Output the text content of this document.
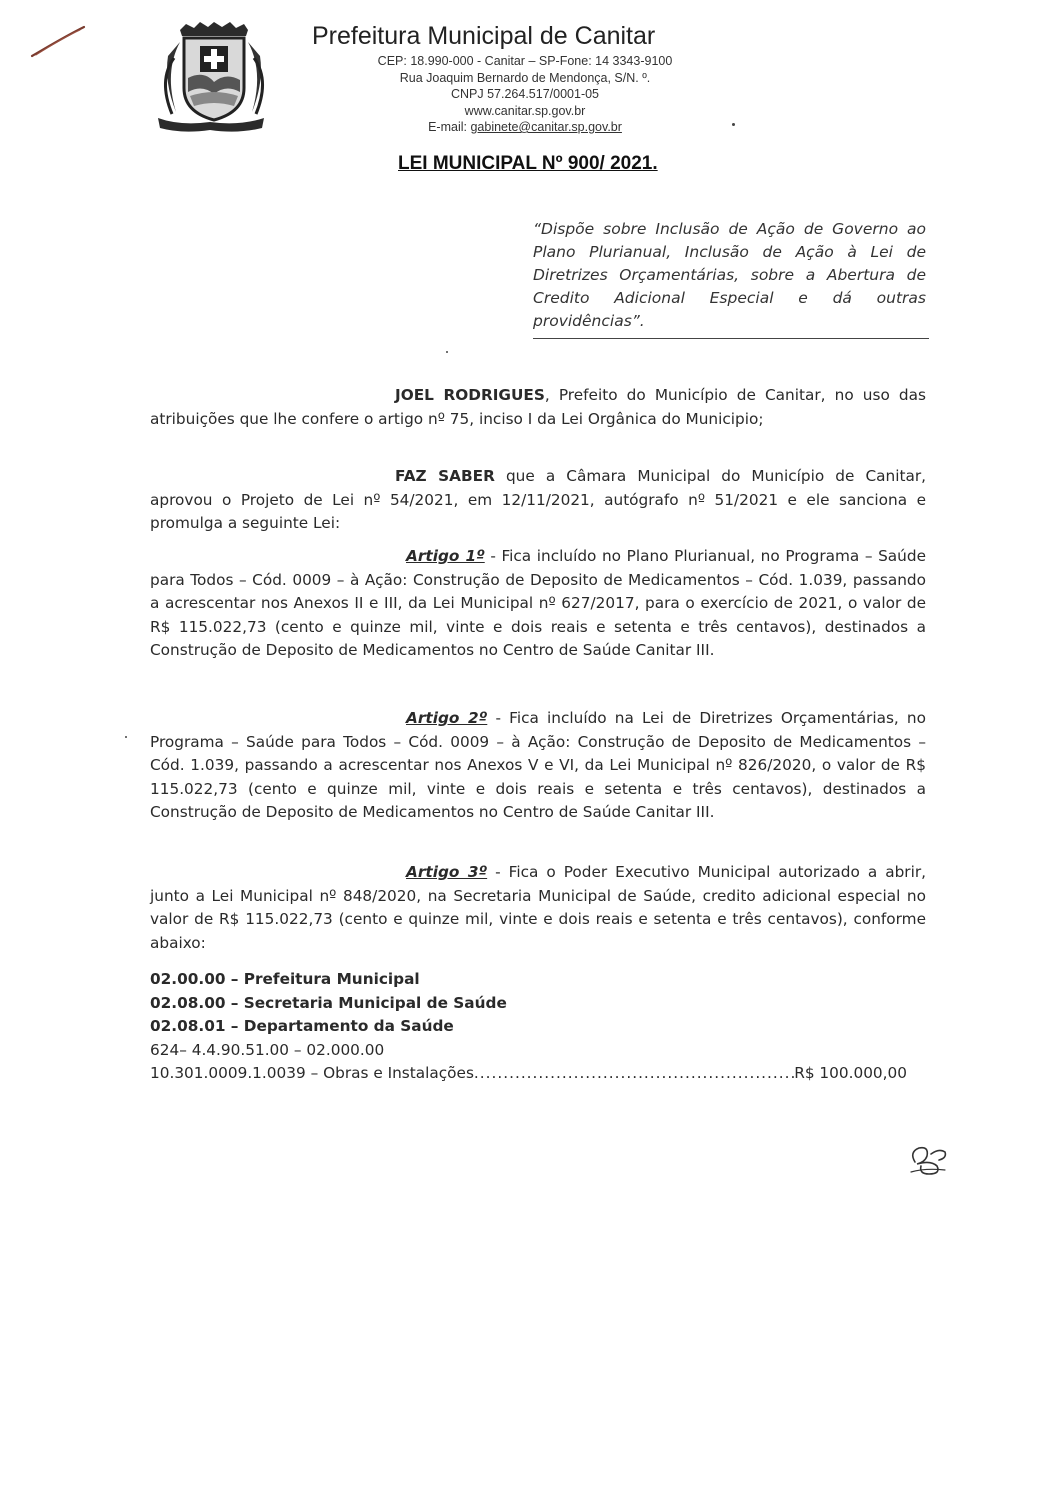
Prefeitura Municipal de Canitar
CEP: 18.990-000 - Canitar – SP-Fone: 14 3343-9100
Rua Joaquim Bernardo de Mendonça, S/N. º.
CNPJ 57.264.517/0001-05
www.canitar.sp.gov.br
E-mail: gabinete@canitar.sp.gov.br
LEI MUNICIPAL Nº 900/ 2021.
“Dispõe sobre Inclusão de Ação de Governo ao
Plano Plurianual, Inclusão de Ação à Lei de
Diretrizes Orçamentárias, sobre a Abertura de
Credito Adicional Especial e dá outras
providências”.
JOEL RODRIGUES, Prefeito do Município de Canitar, no uso das atribuições que lhe confere o artigo nº 75, inciso I da Lei Orgânica do Municipio;
FAZ SABER que a Câmara Municipal do Município de Canitar, aprovou o Projeto de Lei nº 54/2021, em 12/11/2021, autógrafo nº 51/2021 e ele sanciona e promulga a seguinte Lei:
Artigo 1º - Fica incluído no Plano Plurianual, no Programa – Saúde para Todos – Cód. 0009 – à Ação: Construção de Deposito de Medicamentos – Cód. 1.039, passando a acrescentar nos Anexos II e III, da Lei Municipal nº 627/2017, para o exercício de 2021, o valor de R$ 115.022,73 (cento e quinze mil, vinte e dois reais e setenta e três centavos), destinados a Construção de Deposito de Medicamentos no Centro de Saúde Canitar III.
Artigo 2º - Fica incluído na Lei de Diretrizes Orçamentárias, no Programa – Saúde para Todos – Cód. 0009 – à Ação: Construção de Deposito de Medicamentos – Cód. 1.039, passando a acrescentar nos Anexos V e VI, da Lei Municipal nº 826/2020, o valor de R$ 115.022,73 (cento e quinze mil, vinte e dois reais e setenta e três centavos), destinados a Construção de Deposito de Medicamentos no Centro de Saúde Canitar III.
Artigo 3º - Fica o Poder Executivo Municipal autorizado a abrir, junto a Lei Municipal nº 848/2020, na Secretaria Municipal de Saúde, credito adicional especial no valor de R$ 115.022,73 (cento e quinze mil, vinte e dois reais e setenta e três centavos), conforme abaixo:
02.00.00 – Prefeitura Municipal
02.08.00 – Secretaria Municipal de Saúde
02.08.01 – Departamento da Saúde
624– 4.4.90.51.00 – 02.000.00
10.301.0009.1.0039 – Obras e Instalações
.....	R$ 100.000,00
